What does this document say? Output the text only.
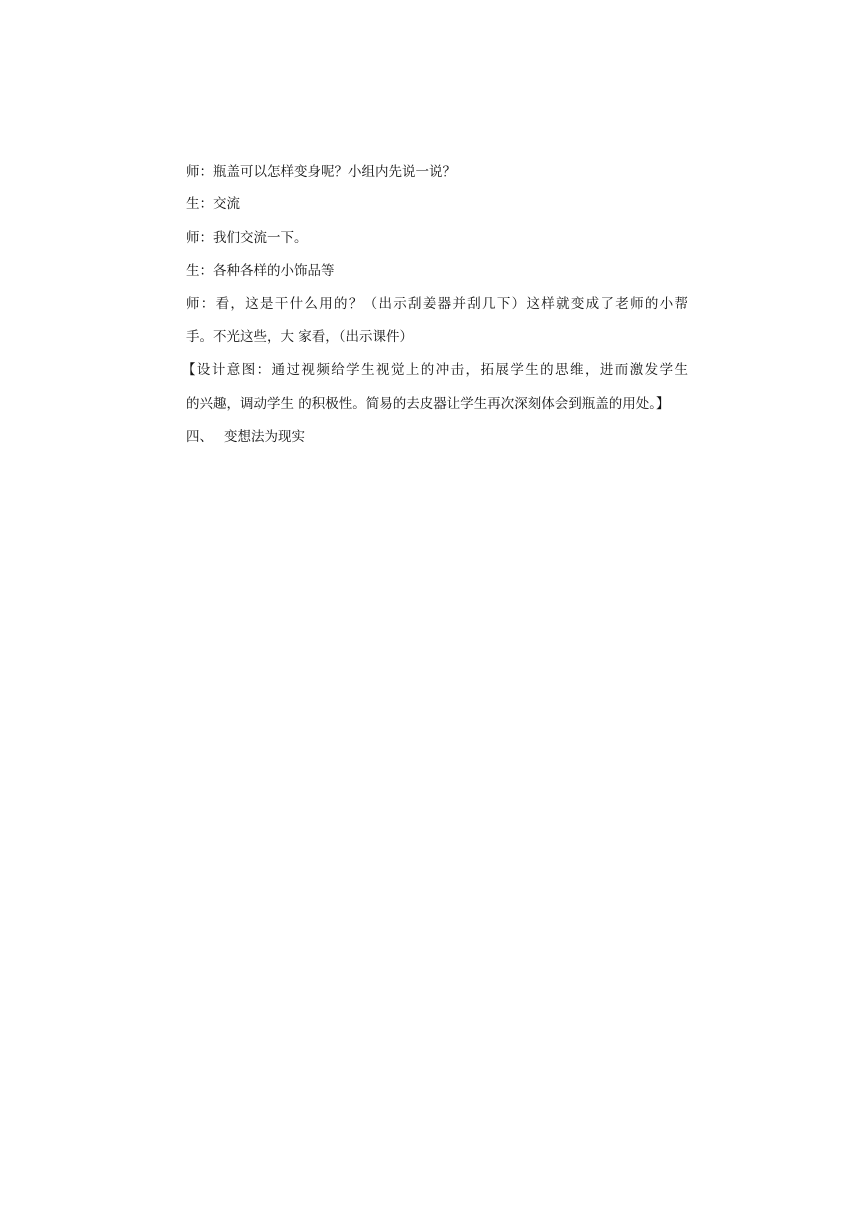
师：瓶盖可以怎样变身呢？小组内先说一说？
生：交流
师：我们交流一下。
生：各种各样的小饰品等
师：看，这是干什么用的？（出示刮姜器并刮几下）这样就变成了老师的小帮
手。不光这些，大 家看，（出示课件）
【设计意图：通过视频给学生视觉上的冲击，拓展学生的思维，进而激发学生
的兴趣，调动学生 的积极性。简易的去皮器让学生再次深刻体会到瓶盖的用处。】
四、 变想法为现实
